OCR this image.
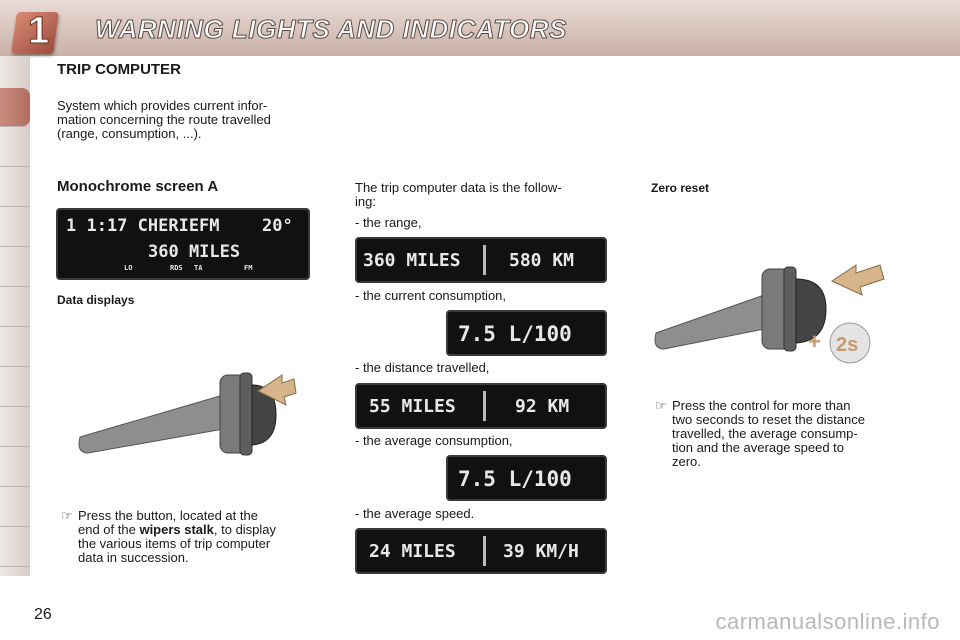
1 WARNING LIGHTS AND INDICATORS
TRIP COMPUTER
System which provides current infor-
mation concerning the route travelled
(range, consumption, ...).
Monochrome screen A
1 1:17 CHERIEFM 20°
360 MILES
LO	RDS TA	FM
Data displays
☞ Press the button, located at the
end of the wipers stalk, to display
the various items of trip computer
data in succession.
The trip computer data is the follow-
ing:
- the range,
360 MILES	580 KM
- the current consumption,
7.5 L/100
- the distance travelled,
55 MILES	92 KM
- the average consumption,
7.5 L/100
- the average speed.
24 MILES	39 KM/H
Zero reset
+ 2s
☞ Press the control for more than
two seconds to reset the distance
travelled, the average consump-
tion and the average speed to
zero.
26	carmanualsonline.info
